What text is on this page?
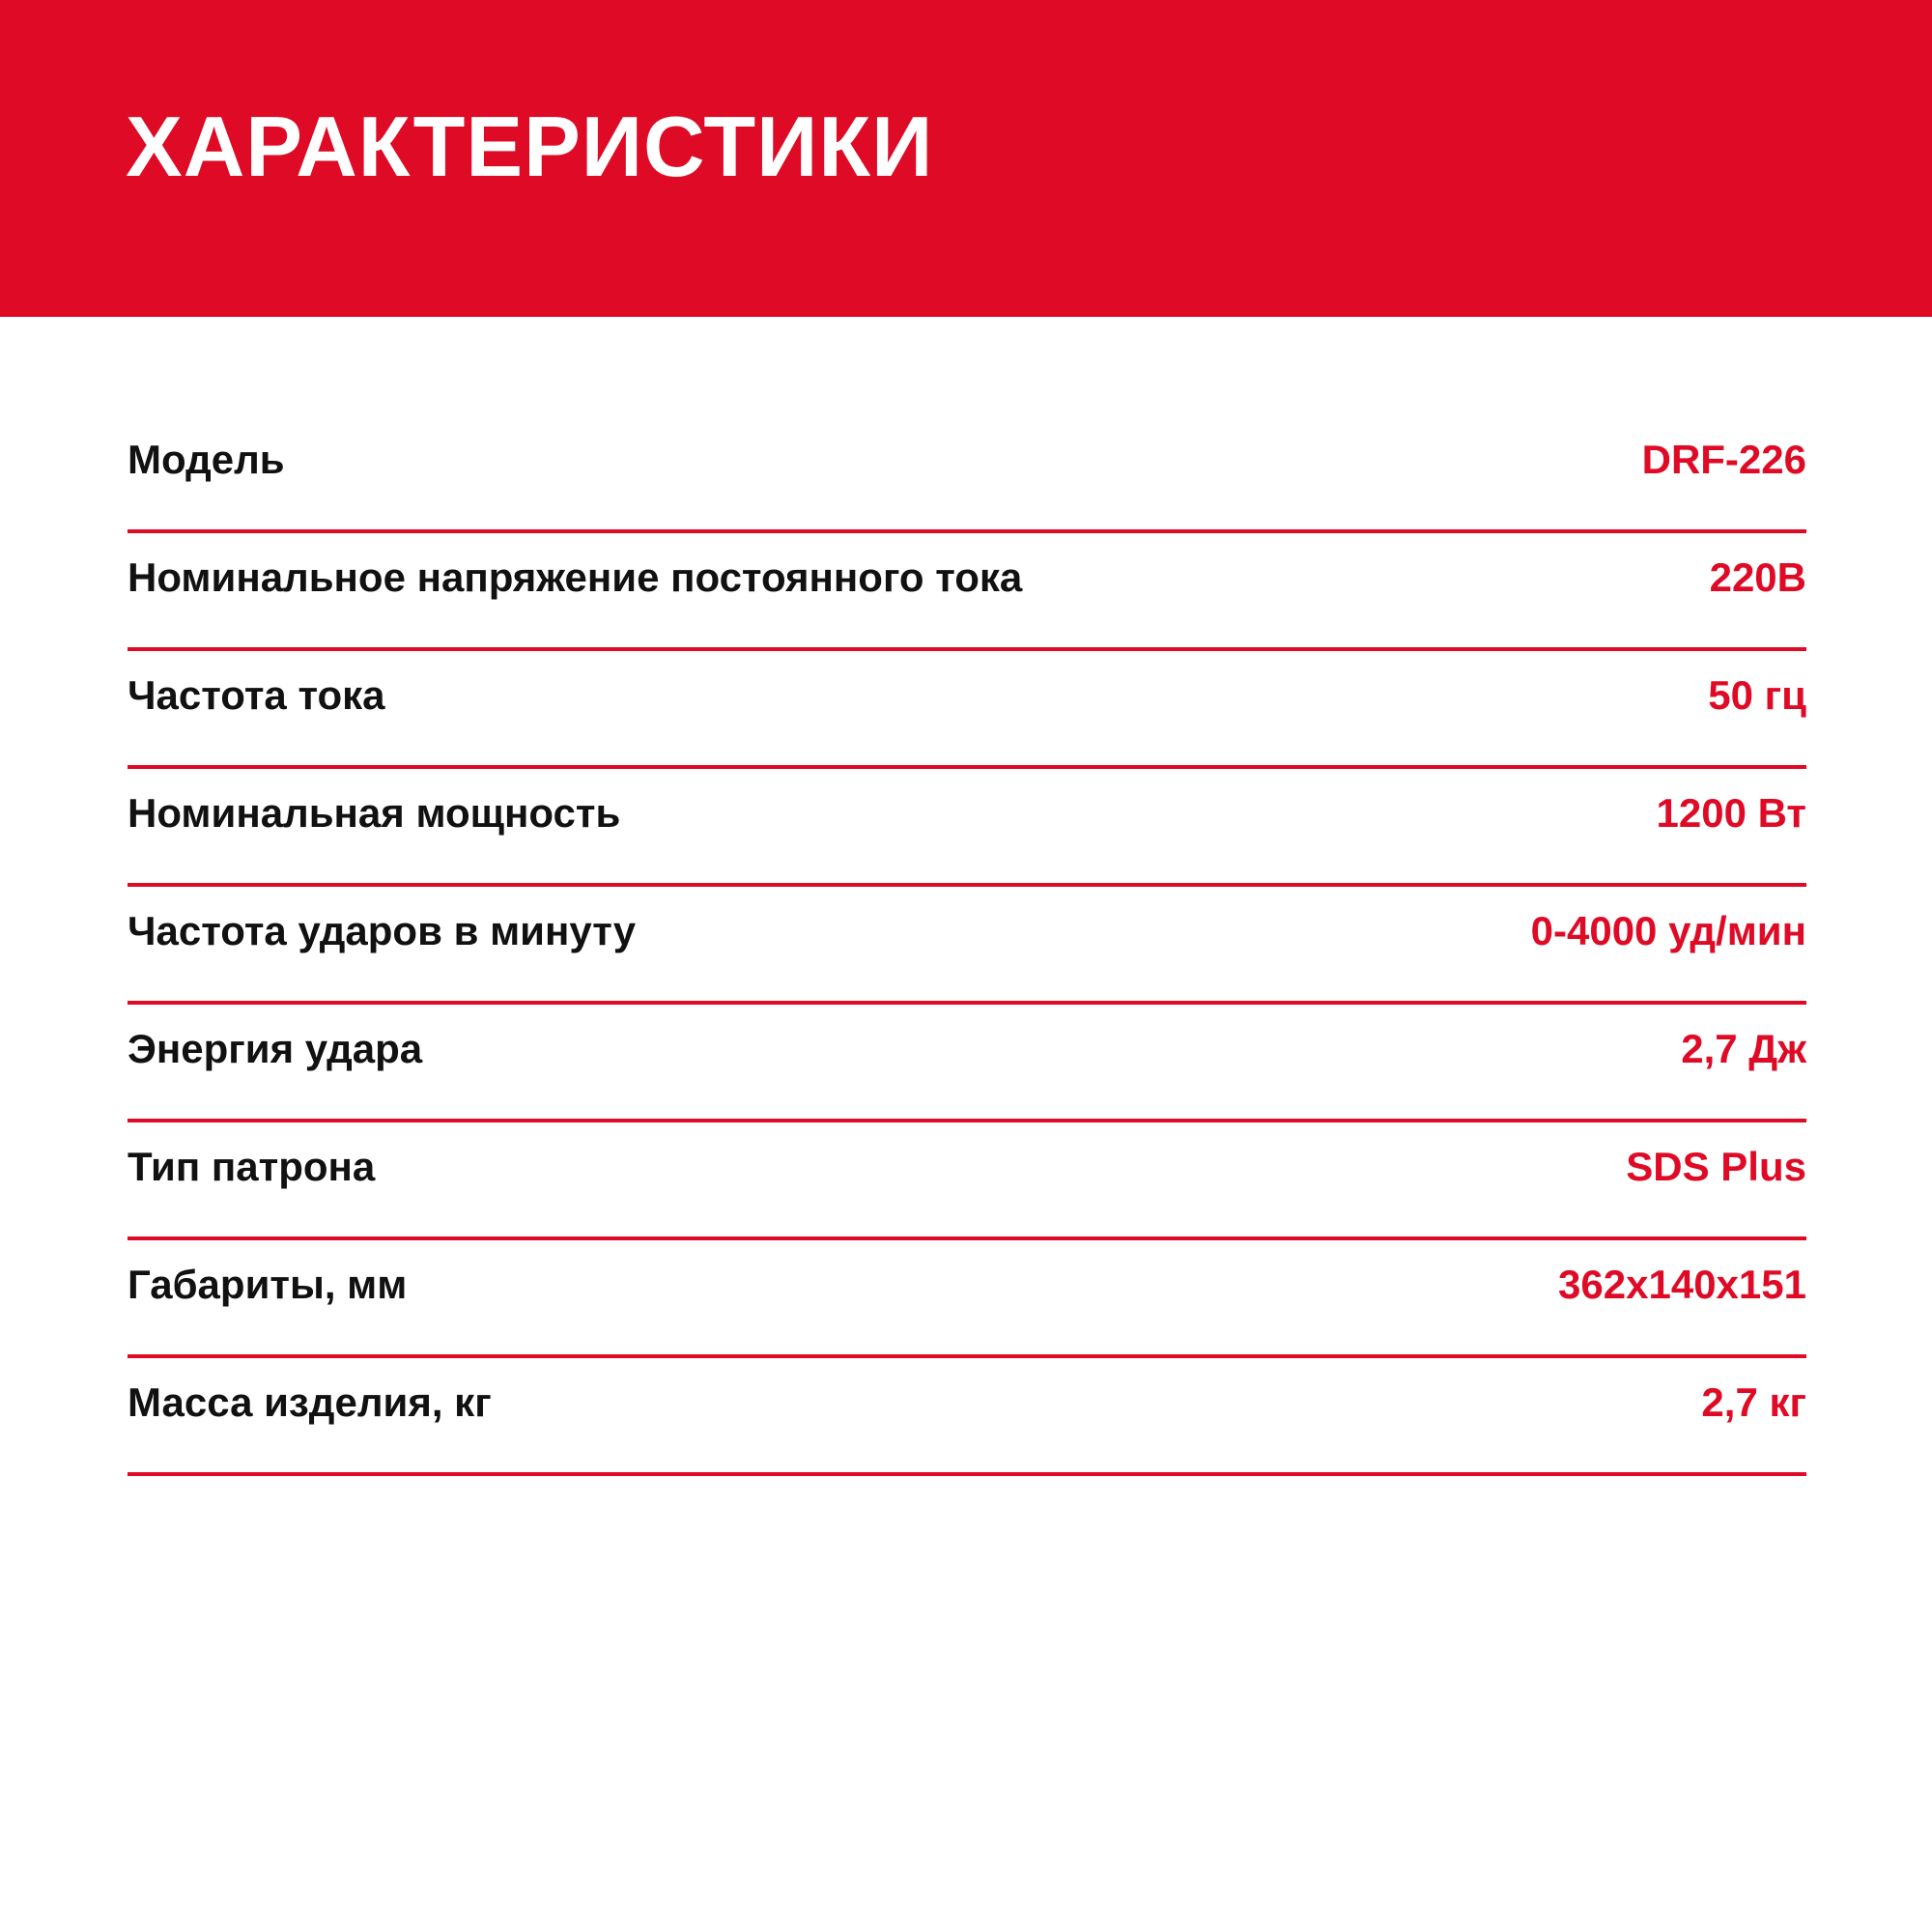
ХАРАКТЕРИСТИКИ
Модель	DRF-226
Номинальное напряжение постоянного тока	220В
Частота тока	50 гц
Номинальная мощность	1200 Вт
Частота ударов в минуту	0-4000 уд/мин
Энергия удара	2,7 Дж
Тип патрона	SDS Plus
Габариты, мм	362x140x151
Масса изделия, кг	2,7 кг
